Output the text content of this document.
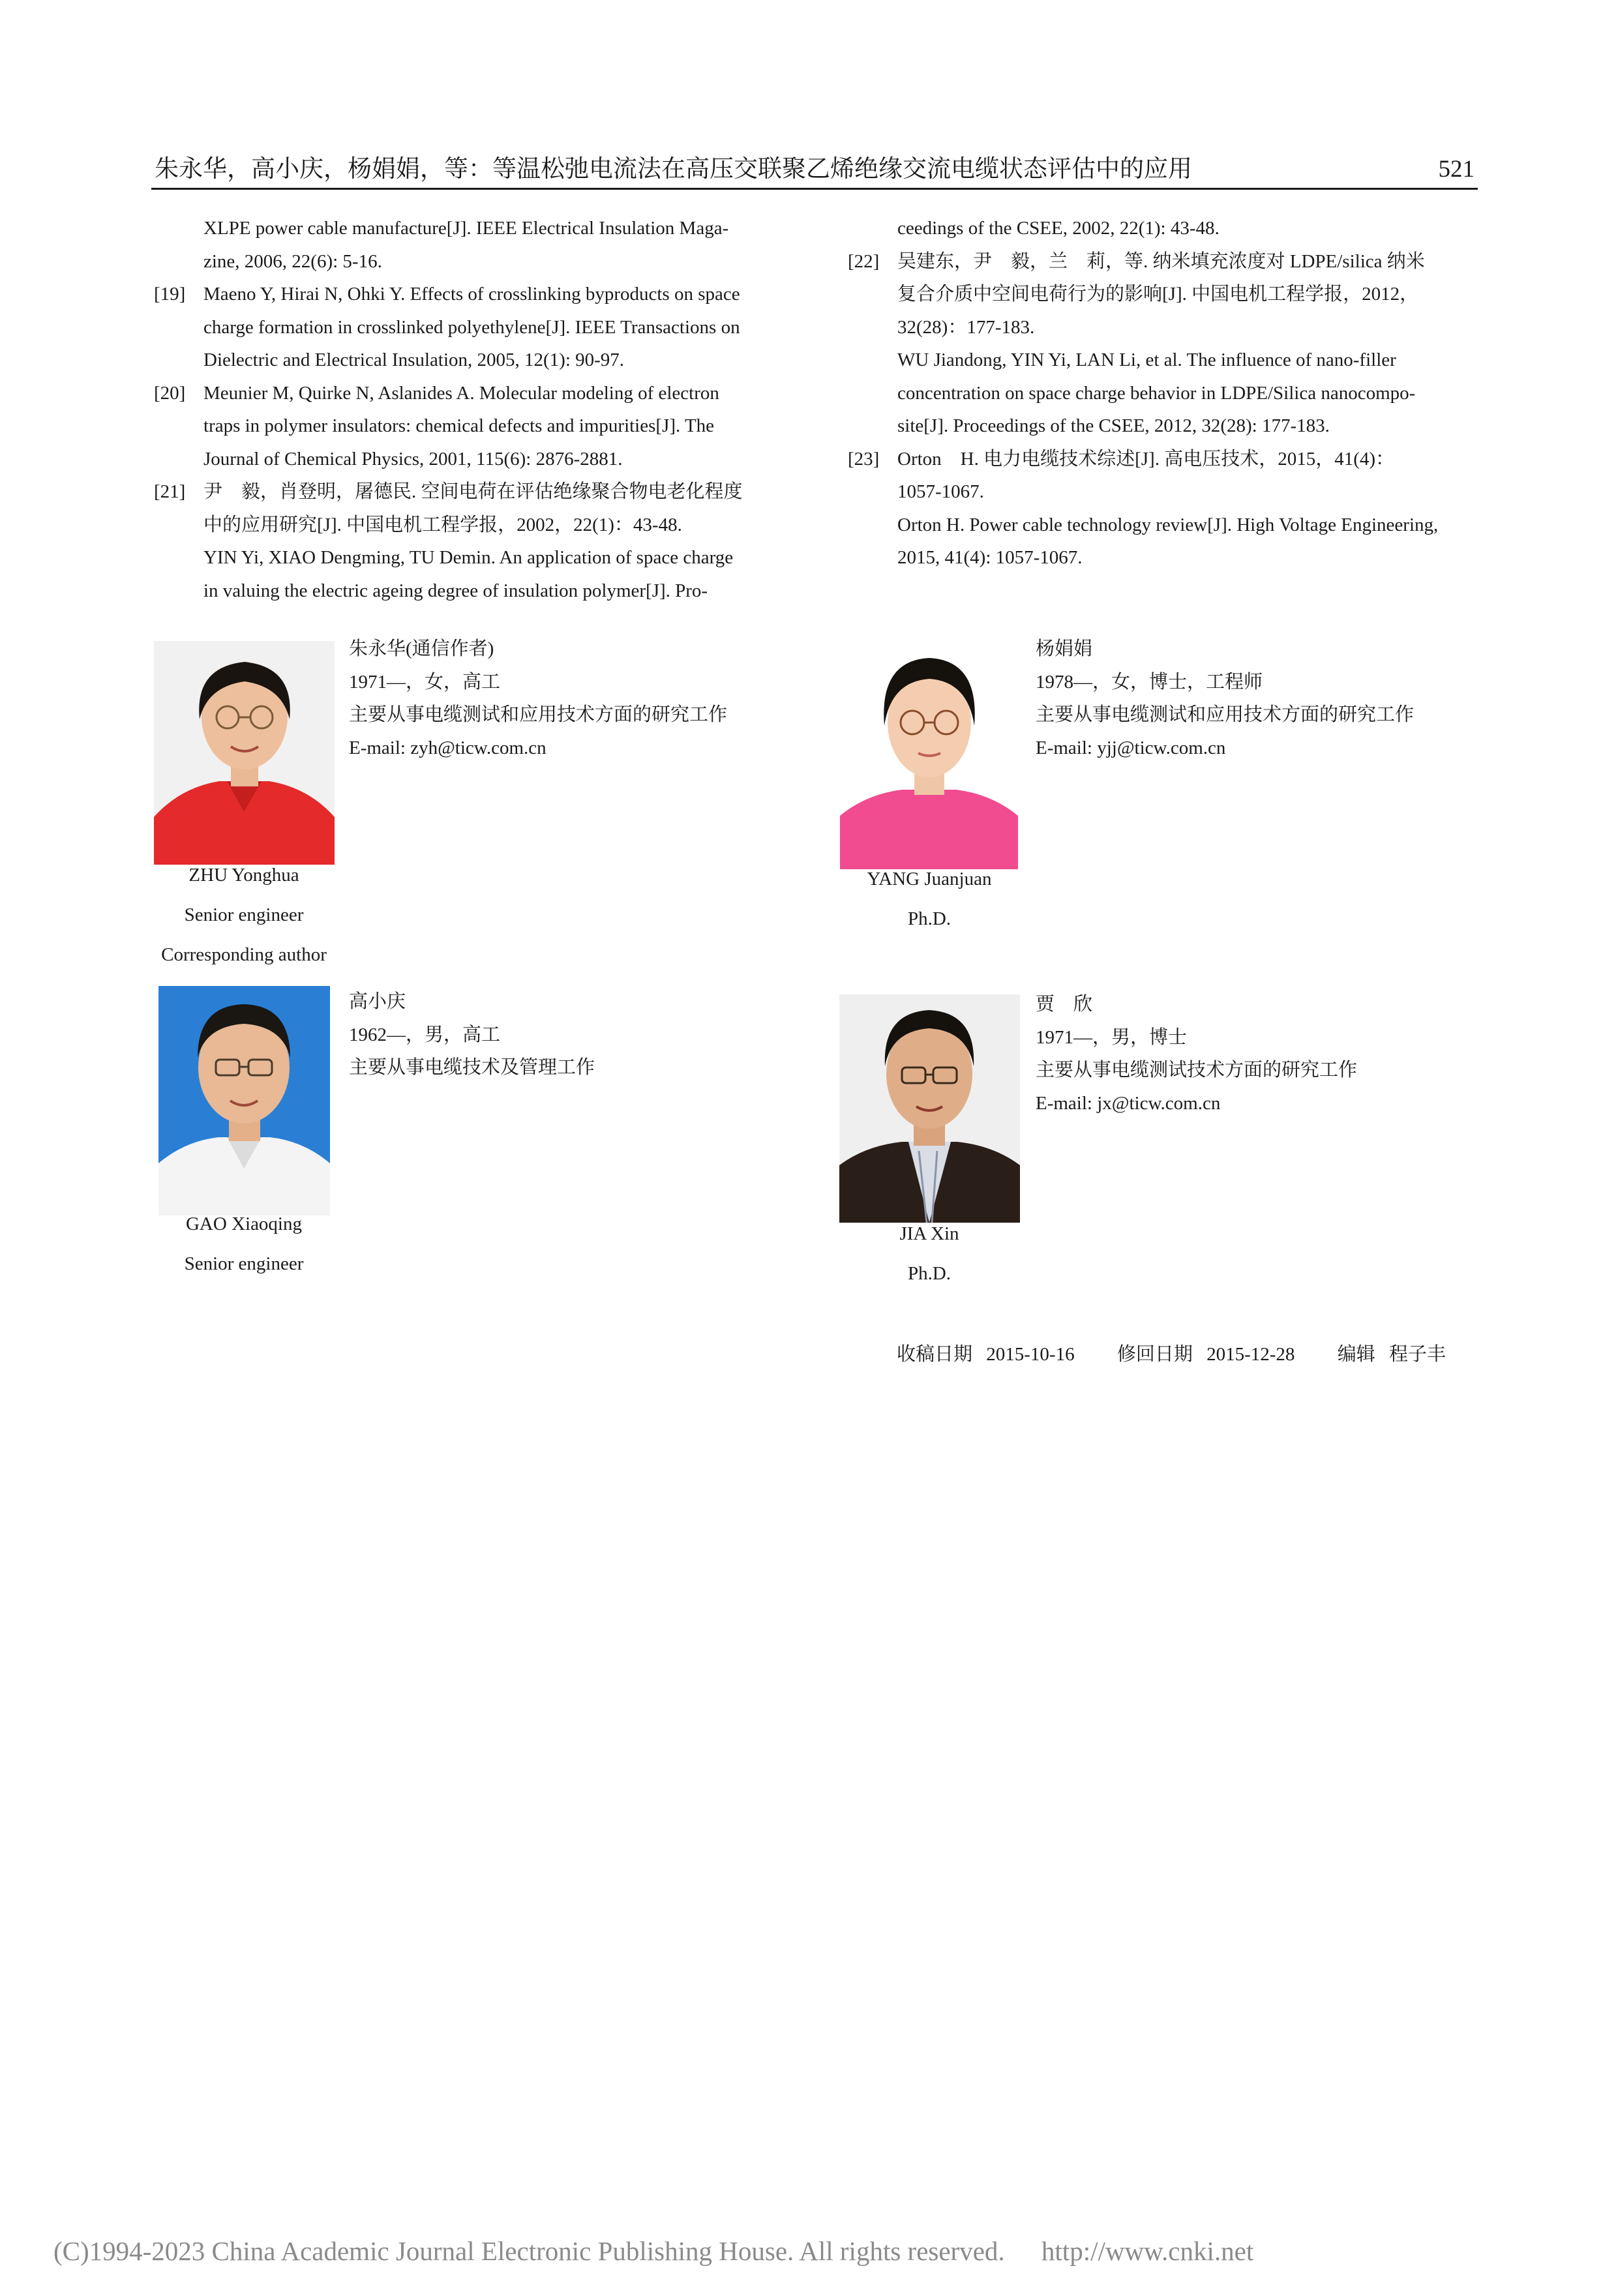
朱永华，高小庆，杨娟娟，等：等温松弛电流法在高压交联聚乙烯绝缘交流电缆状态评估中的应用	521
XLPE power cable manufacture[J]. IEEE Electrical Insulation Maga-
zine, 2006, 22(6): 5-16.
[19] Maeno Y, Hirai N, Ohki Y. Effects of crosslinking byproducts on space
charge formation in crosslinked polyethylene[J]. IEEE Transactions on
Dielectric and Electrical Insulation, 2005, 12(1): 90-97.
[20] Meunier M, Quirke N, Aslanides A. Molecular modeling of electron
traps in polymer insulators: chemical defects and impurities[J]. The
Journal of Chemical Physics, 2001, 115(6): 2876-2881.
[21] 尹　毅，肖登明，屠德民. 空间电荷在评估绝缘聚合物电老化程度
中的应用研究[J]. 中国电机工程学报，2002，22(1)：43-48.
YIN Yi, XIAO Dengming, TU Demin. An application of space charge
in valuing the electric ageing degree of insulation polymer[J]. Pro-
ceedings of the CSEE, 2002, 22(1): 43-48.
[22] 吴建东，尹　毅，兰　莉，等. 纳米填充浓度对 LDPE/silica 纳米
复合介质中空间电荷行为的影响[J]. 中国电机工程学报，2012，
32(28)：177-183.
WU Jiandong, YIN Yi, LAN Li, et al. The influence of nano-filler
concentration on space charge behavior in LDPE/Silica nanocompo-
site[J]. Proceedings of the CSEE, 2012, 32(28): 177-183.
[23] Orton　H. 电力电缆技术综述[J]. 高电压技术，2015，41(4)：
1057-1067.
Orton H. Power cable technology review[J]. High Voltage Engineering,
2015, 41(4): 1057-1067.
朱永华(通信作者)
1971—，女，高工
主要从事电缆测试和应用技术方面的研究工作
E-mail: zyh@ticw.com.cn
ZHU Yonghua
Senior engineer
Corresponding author
杨娟娟
1978—，女，博士，工程师
主要从事电缆测试和应用技术方面的研究工作
E-mail: yjj@ticw.com.cn
YANG Juanjuan
Ph.D.
高小庆
1962—，男，高工
主要从事电缆技术及管理工作
GAO Xiaoqing
Senior engineer
贾　欣
1971—，男，博士
主要从事电缆测试技术方面的研究工作
E-mail: jx@ticw.com.cn
JIA Xin
Ph.D.
收稿日期 2015-10-16 修回日期 2015-12-28 编辑 程子丰
(C)1994-2023 China Academic Journal Electronic Publishing House. All rights reserved. http://www.cnki.net
